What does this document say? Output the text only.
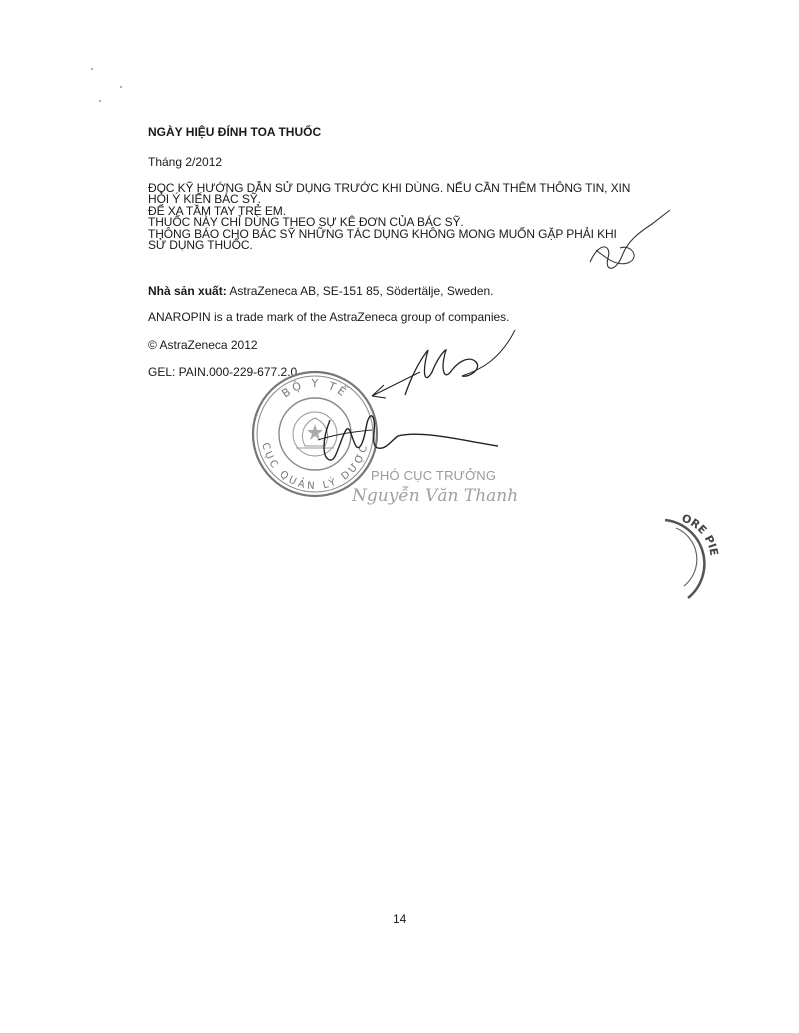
NGÀY HIỆU ĐÍNH TOA THUỐC
Tháng 2/2012
ĐỌC KỸ HƯỚNG DẪN SỬ DỤNG TRƯỚC KHI DÙNG. NẾU CẦN THÊM THÔNG TIN, XIN
HỎI Ý KIẾN BÁC SỸ.
ĐỂ XA TẦM TAY TRẺ EM.
THUỐC NÀY CHỈ DÙNG THEO SỰ KÊ ĐƠN CỦA BÁC SỸ.
THÔNG BÁO CHO BÁC SỸ NHỮNG TÁC DỤNG KHÔNG MONG MUỐN GẶP PHẢI KHI
SỬ DỤNG THUỐC.
Nhà sản xuất: AstraZeneca AB, SE-151 85, Södertälje, Sweden.
ANAROPIN is a trade mark of the AstraZeneca group of companies.
© AstraZeneca 2012
GEL: PAIN.000-229-677.2.0
PHÓ CỤC TRƯỞNG
Nguyễn Văn Thanh
14
BỘ Y TẾ
CỤC QUẢN LÝ DƯỢC
ORE PIE
